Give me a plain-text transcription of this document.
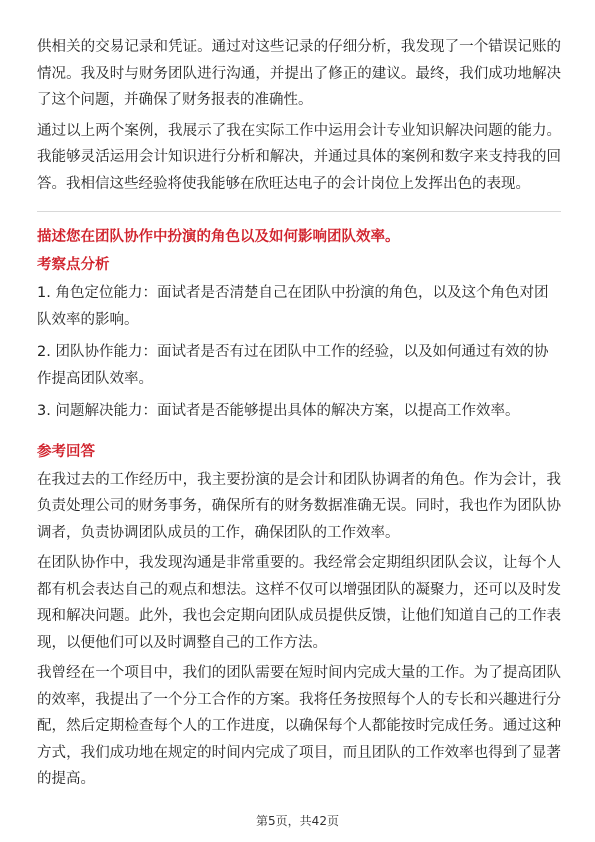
供相关的交易记录和凭证。通过对这些记录的仔细分析，我发现了一个错误记账的情况。我及时与财务团队进行沟通，并提出了修正的建议。最终，我们成功地解决了这个问题，并确保了财务报表的准确性。

通过以上两个案例，我展示了我在实际工作中运用会计专业知识解决问题的能力。我能够灵活运用会计知识进行分析和解决，并通过具体的案例和数字来支持我的回答。我相信这些经验将使我能够在欣旺达电子的会计岗位上发挥出色的表现。

描述您在团队协作中扮演的角色以及如何影响团队效率。

考察点分析

1. 角色定位能力：面试者是否清楚自己在团队中扮演的角色，以及这个角色对团队效率的影响。

2. 团队协作能力：面试者是否有过在团队中工作的经验，以及如何通过有效的协作提高团队效率。

3. 问题解决能力：面试者是否能够提出具体的解决方案，以提高工作效率。

参考回答

在我过去的工作经历中，我主要扮演的是会计和团队协调者的角色。作为会计，我负责处理公司的财务事务，确保所有的财务数据准确无误。同时，我也作为团队协调者，负责协调团队成员的工作，确保团队的工作效率。

在团队协作中，我发现沟通是非常重要的。我经常会定期组织团队会议，让每个人都有机会表达自己的观点和想法。这样不仅可以增强团队的凝聚力，还可以及时发现和解决问题。此外，我也会定期向团队成员提供反馈，让他们知道自己的工作表现，以便他们可以及时调整自己的工作方法。

我曾经在一个项目中，我们的团队需要在短时间内完成大量的工作。为了提高团队的效率，我提出了一个分工合作的方案。我将任务按照每个人的专长和兴趣进行分配，然后定期检查每个人的工作进度，以确保每个人都能按时完成任务。通过这种方式，我们成功地在规定的时间内完成了项目，而且团队的工作效率也得到了显著的提高。

第5页，共42页
